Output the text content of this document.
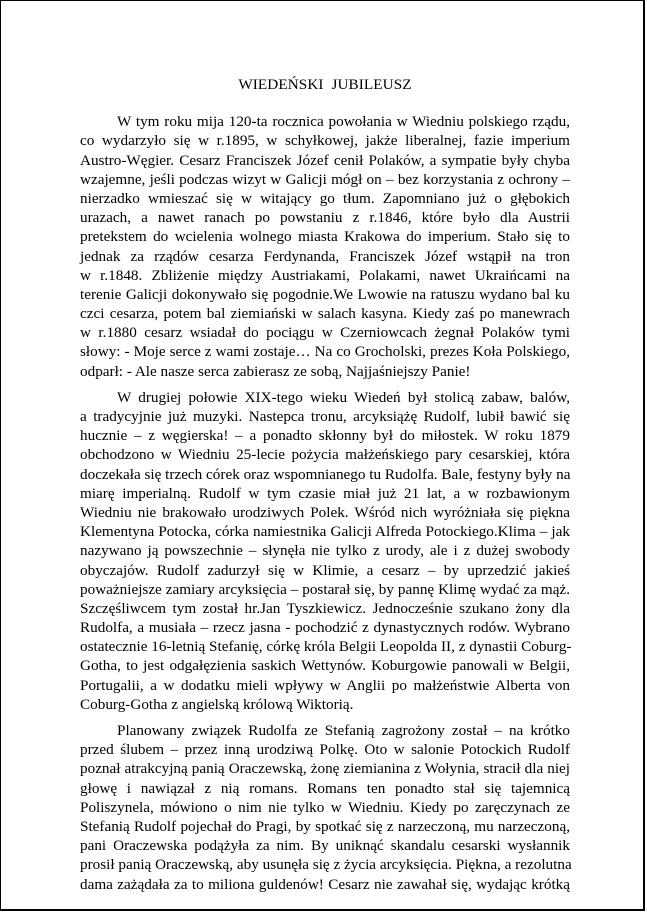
WIEDEŃSKI JUBILEUSZ
W tym roku mija 120-ta rocznica powołania w Wiedniu polskiego rządu,
co wydarzyło się w r.1895, w schyłkowej, jakże liberalnej, fazie imperium
Austro-Węgier. Cesarz Franciszek Józef cenił Polaków, a sympatie były chyba
wzajemne, jeśli podczas wizyt w Galicji mógł on – bez korzystania z ochrony –
nierzadko wmieszać się w witający go tłum. Zapomniano już o głębokich
urazach, a nawet ranach po powstaniu z r.1846, które było dla Austrii
pretekstem do wcielenia wolnego miasta Krakowa do imperium. Stało się to
jednak za rządów cesarza Ferdynanda, Franciszek Józef wstąpił na tron
w r.1848. Zbliżenie między Austriakami, Polakami, nawet Ukraińcami na
terenie Galicji dokonywało się pogodnie.We Lwowie na ratuszu wydano bal ku
czci cesarza, potem bal ziemiański w salach kasyna. Kiedy zaś po manewrach
w r.1880 cesarz wsiadał do pociągu w Czerniowcach żegnał Polaków tymi
słowy: - Moje serce z wami zostaje… Na co Grocholski, prezes Koła Polskiego,
odparł: - Ale nasze serca zabierasz ze sobą, Najjaśniejszy Panie!
W drugiej połowie XIX-tego wieku Wiedeń był stolicą zabaw, balów,
a tradycyjnie już muzyki. Nastepca tronu, arcyksiążę Rudolf, lubił bawić się
hucznie – z węgierska! – a ponadto skłonny był do miłostek. W roku 1879
obchodzono w Wiedniu 25-lecie pożycia małżeńskiego pary cesarskiej, która
doczekała się trzech córek oraz wspomnianego tu Rudolfa. Bale, festyny były na
miarę imperialną. Rudolf w tym czasie miał już 21 lat, a w rozbawionym
Wiedniu nie brakowało urodziwych Polek. Wśród nich wyróżniała się piękna
Klementyna Potocka, córka namiestnika Galicji Alfreda Potockiego.Klima – jak
nazywano ją powszechnie – słynęła nie tylko z urody, ale i z dużej swobody
obyczajów. Rudolf zadurzył się w Klimie, a cesarz – by uprzedzić jakieś
poważniejsze zamiary arcyksięcia – postarał się, by pannę Klimę wydać za mąż.
Szczęśliwcem tym został hr.Jan Tyszkiewicz. Jednocześnie szukano żony dla
Rudolfa, a musiała – rzecz jasna - pochodzić z dynastycznych rodów. Wybrano
ostatecznie 16-letnią Stefanię, córkę króla Belgii Leopolda II, z dynastii Coburg-
Gotha, to jest odgałęzienia saskich Wettynów. Koburgowie panowali w Belgii,
Portugalii, a w dodatku mieli wpływy w Anglii po małżeństwie Alberta von
Coburg-Gotha z angielską królową Wiktorią.
Planowany związek Rudolfa ze Stefanią zagrożony został – na krótko
przed ślubem – przez inną urodziwą Polkę. Oto w salonie Potockich Rudolf
poznał atrakcyjną panią Oraczewską, żonę ziemianina z Wołynia, stracił dla niej
głowę i nawiązał z nią romans. Romans ten ponadto stał się tajemnicą
Poliszynela, mówiono o nim nie tylko w Wiedniu. Kiedy po zaręczynach ze
Stefanią Rudolf pojechał do Pragi, by spotkać się z narzeczoną, mu narzeczoną,
pani Oraczewska podążyła za nim. By uniknąć skandalu cesarski wysłannik
prosił panią Oraczewską, aby usunęła się z życia arcyksięcia. Piękna, a rezolutna
dama zażądała za to miliona guldenów! Cesarz nie zawahał się, wydając krótką
